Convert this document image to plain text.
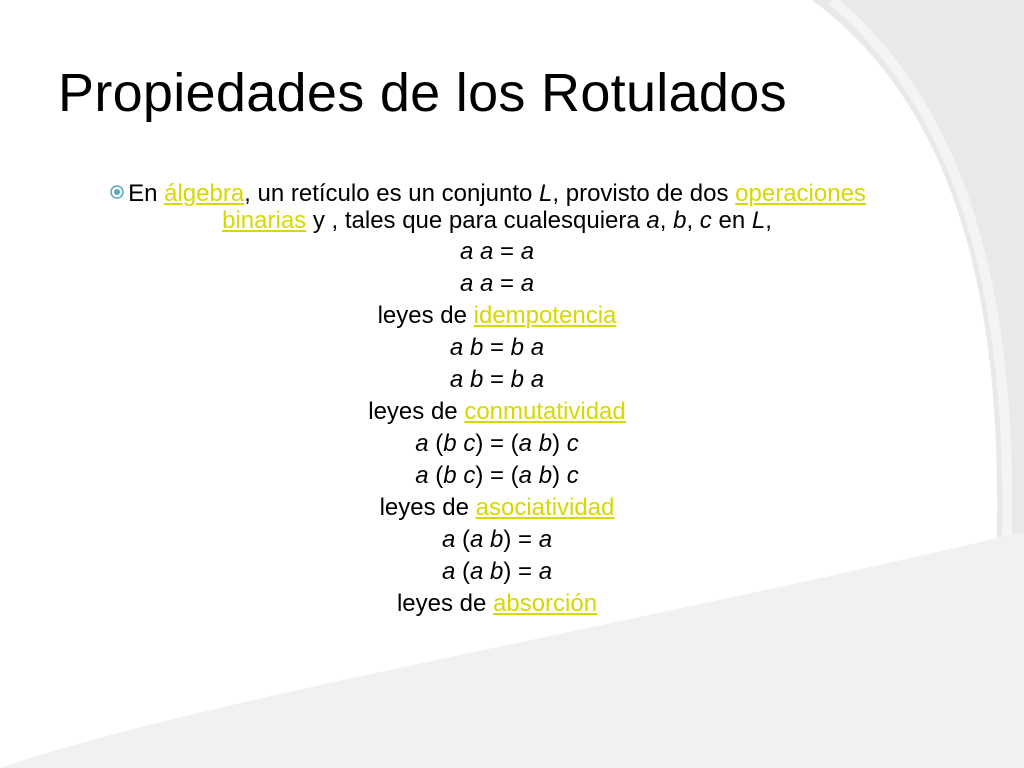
Propiedades de los Rotulados

En álgebra, un retículo es un conjunto L, provisto de dos operaciones binarias y , tales que para cualesquiera a, b, c en L,

a a = a
a a = a
leyes de idempotencia
a b = b a
a b = b a
leyes de conmutatividad
a (b c) = (a b) c
a (b c) = (a b) c
leyes de asociatividad
a (a b) = a
a (a b) = a
leyes de absorción
